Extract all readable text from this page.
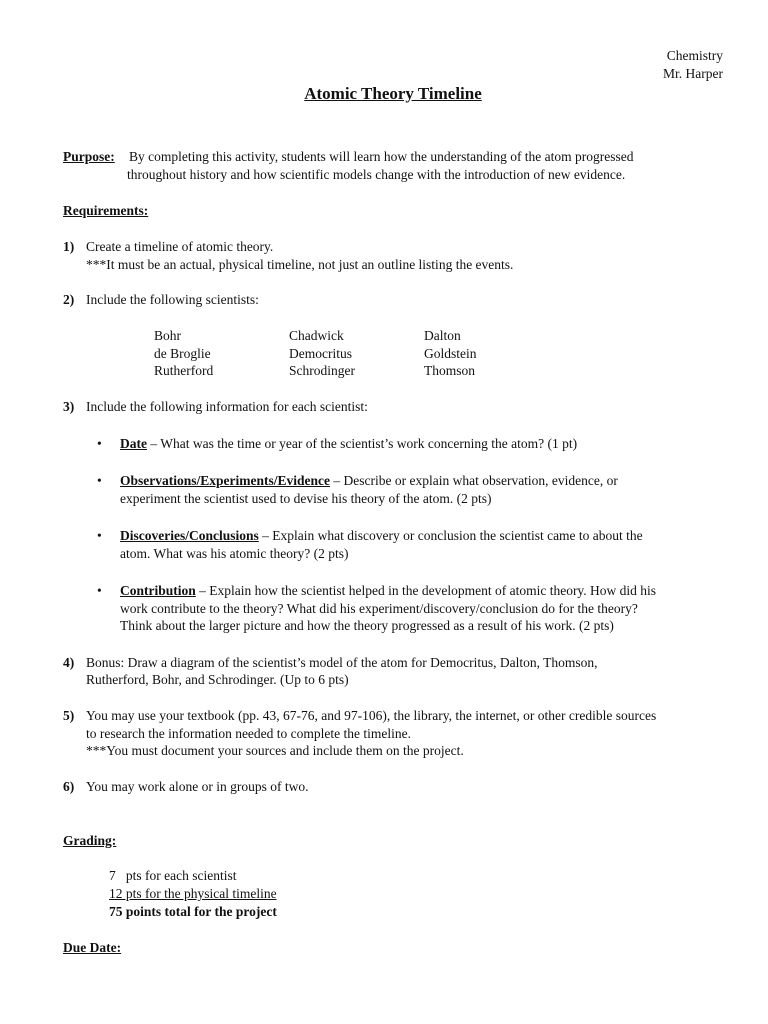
Chemistry
Mr. Harper
Atomic Theory Timeline
Purpose: By completing this activity, students will learn how the understanding of the atom progressed
throughout history and how scientific models change with the introduction of new evidence.
Requirements:
1) Create a timeline of atomic theory.
***It must be an actual, physical timeline, not just an outline listing the events.
2) Include the following scientists:
Bohr
de Broglie
Rutherford
Chadwick
Democritus
Schrodinger
Dalton
Goldstein
Thomson
3) Include the following information for each scientist:
• Date – What was the time or year of the scientist’s work concerning the atom? (1 pt)
• Observations/Experiments/Evidence – Describe or explain what observation, evidence, or
experiment the scientist used to devise his theory of the atom. (2 pts)
• Discoveries/Conclusions – Explain what discovery or conclusion the scientist came to about the
atom. What was his atomic theory? (2 pts)
• Contribution – Explain how the scientist helped in the development of atomic theory. How did his
work contribute to the theory? What did his experiment/discovery/conclusion do for the theory?
Think about the larger picture and how the theory progressed as a result of his work. (2 pts)
4) Bonus: Draw a diagram of the scientist’s model of the atom for Democritus, Dalton, Thomson,
Rutherford, Bohr, and Schrodinger. (Up to 6 pts)
5) You may use your textbook (pp. 43, 67-76, and 97-106), the library, the internet, or other credible sources
to research the information needed to complete the timeline.
***You must document your sources and include them on the project.
6) You may work alone or in groups of two.
Grading:
7   pts for each scientist
12 pts for the physical timeline
75 points total for the project
Due Date:
